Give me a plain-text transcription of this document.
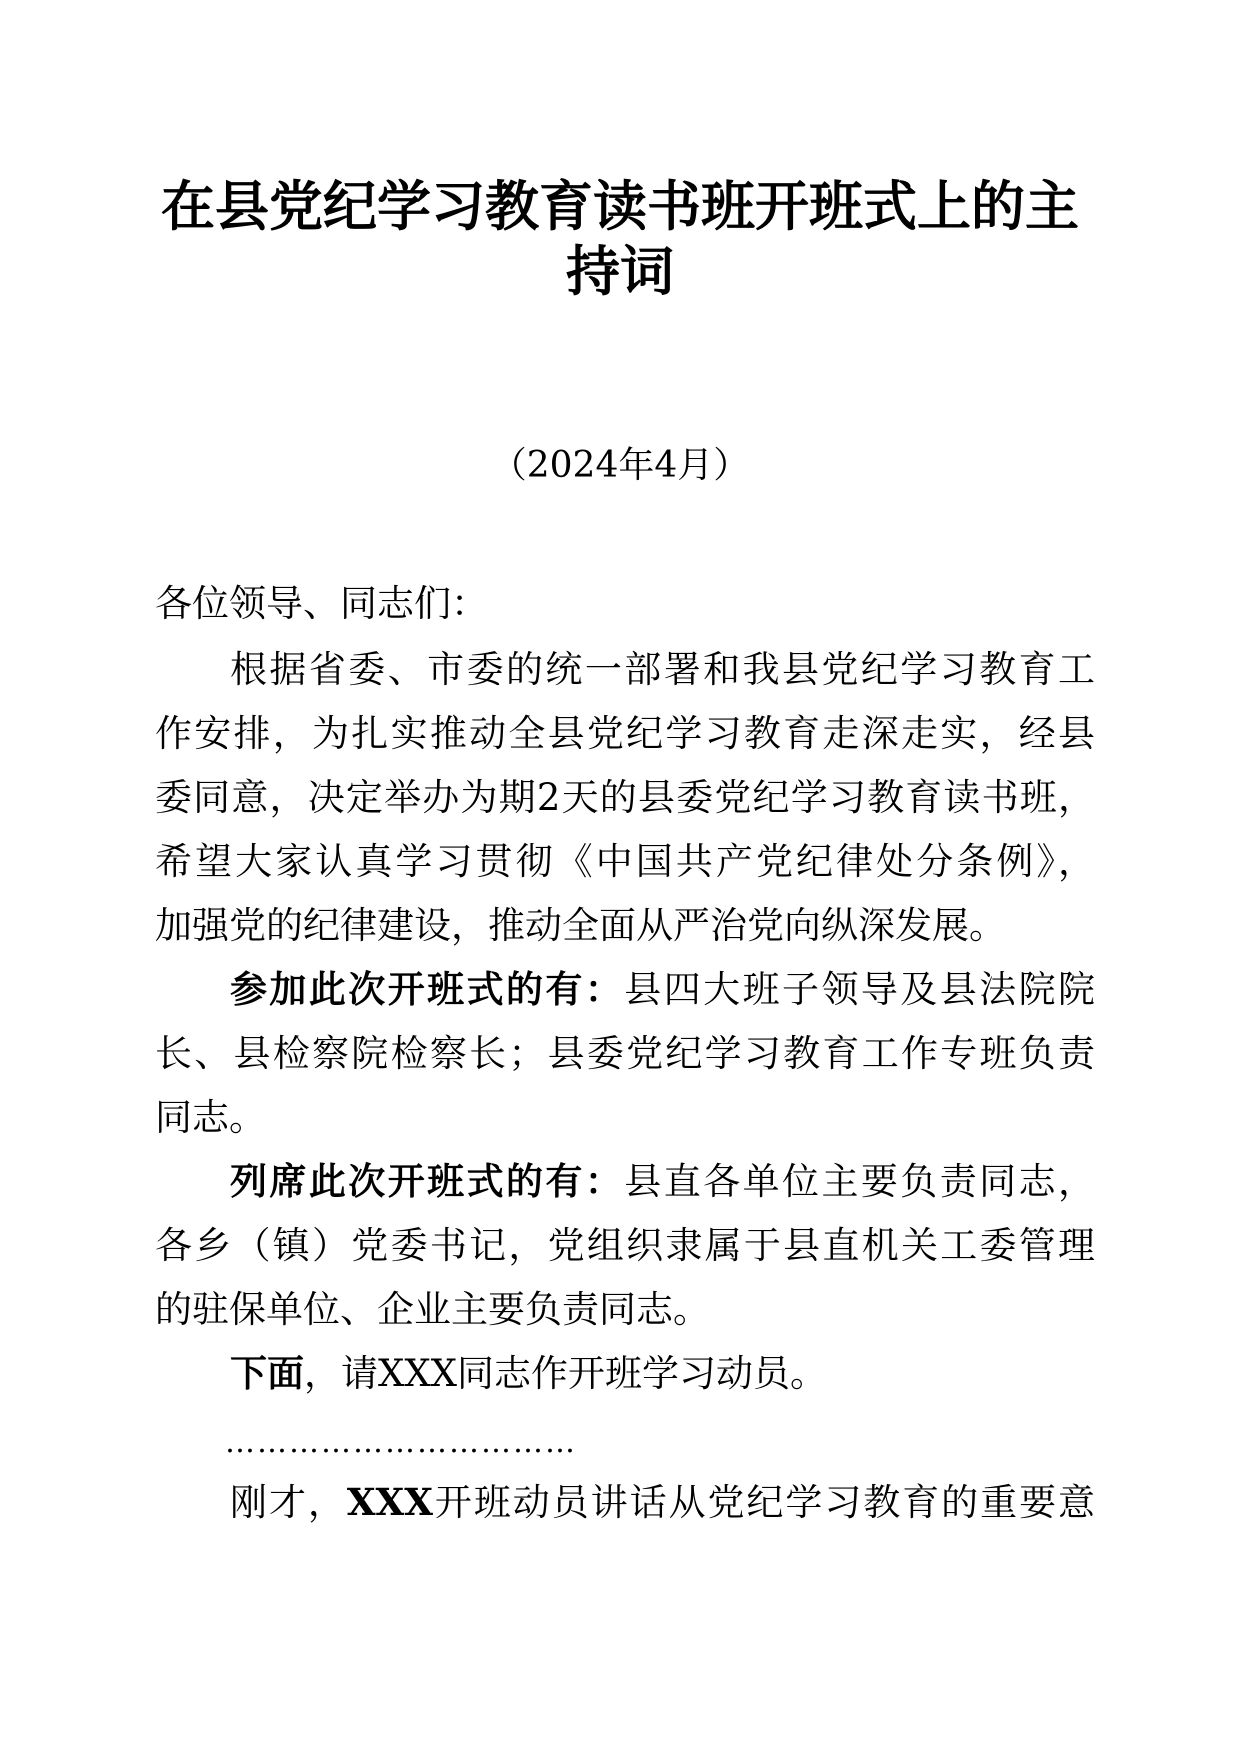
在县党纪学习教育读书班开班式上的主
持词
（2024年4月）
各位领导、同志们：
根据省委、市委的统一部署和我县党纪学习教育工
作安排，为扎实推动全县党纪学习教育走深走实，经县
委同意，决定举办为期2天的县委党纪学习教育读书班，
希望大家认真学习贯彻《中国共产党纪律处分条例》，
加强党的纪律建设，推动全面从严治党向纵深发展。
参加此次开班式的有：县四大班子领导及县法院院
长、县检察院检察长；县委党纪学习教育工作专班负责
同志。
列席此次开班式的有：县直各单位主要负责同志，
各乡（镇）党委书记，党组织隶属于县直机关工委管理
的驻保单位、企业主要负责同志。
下面，请XXX同志作开班学习动员。
……………………………
刚才，XXX开班动员讲话从党纪学习教育的重要意
